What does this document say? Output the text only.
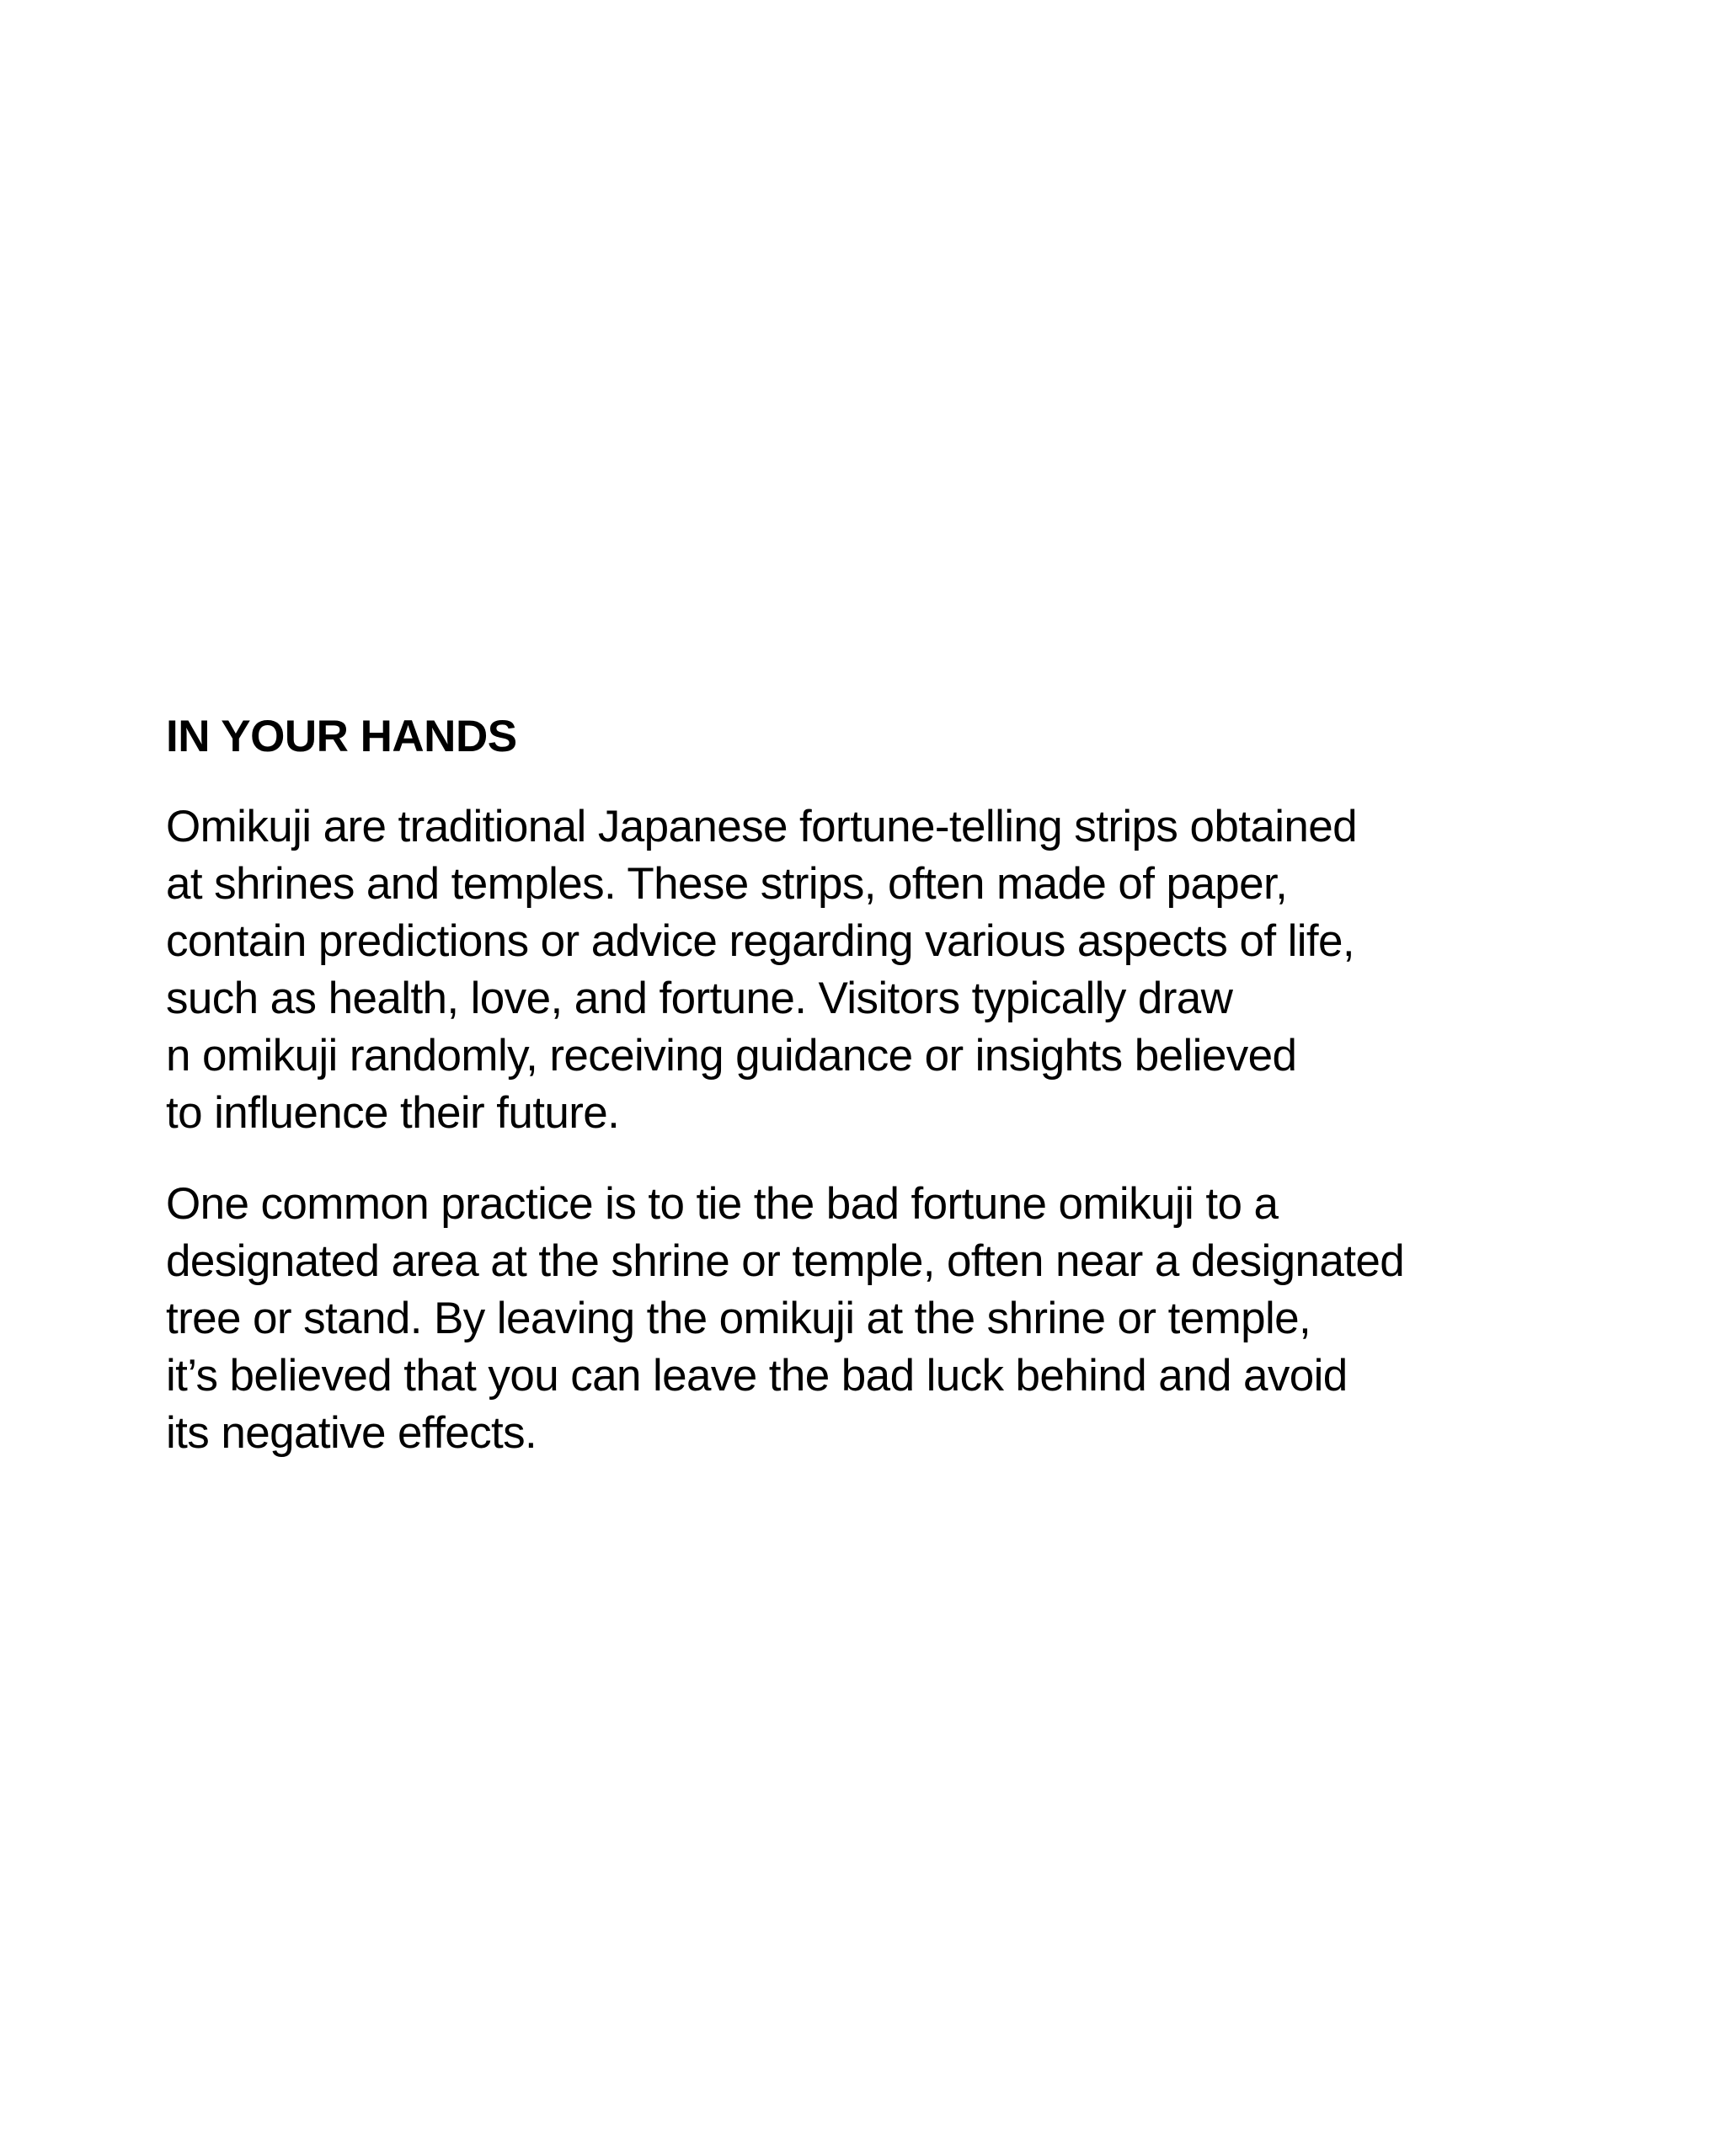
IN YOUR HANDS

Omikuji are traditional Japanese fortune-telling strips obtained
at shrines and temples. These strips, often made of paper,
contain predictions or advice regarding various aspects of life,
such as health, love, and fortune. Visitors typically draw
n omikuji randomly, receiving guidance or insights believed
to influence their future.

One common practice is to tie the bad fortune omikuji to a
designated area at the shrine or temple, often near a designated
tree or stand. By leaving the omikuji at the shrine or temple,
it’s believed that you can leave the bad luck behind and avoid
its negative effects.
